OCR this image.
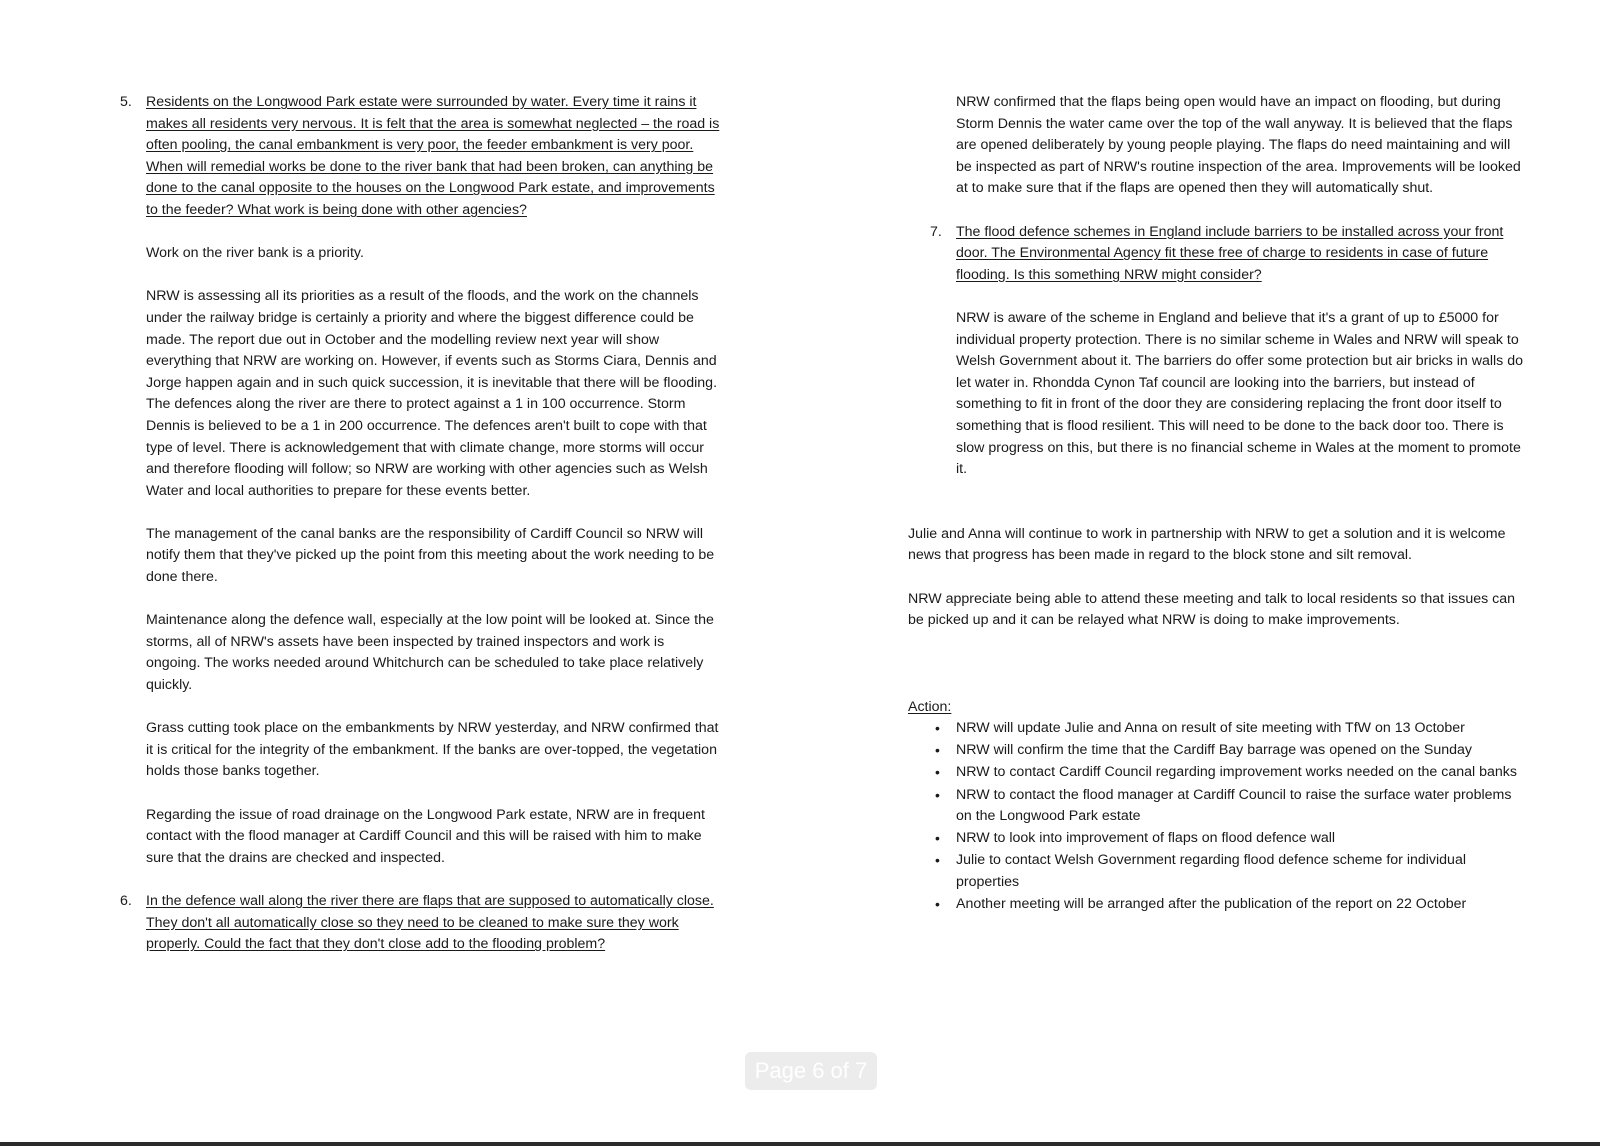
5. Residents on the Longwood Park estate were surrounded by water. Every time it rains it makes all residents very nervous. It is felt that the area is somewhat neglected – the road is often pooling, the canal embankment is very poor, the feeder embankment is very poor. When will remedial works be done to the river bank that had been broken, can anything be done to the canal opposite to the houses on the Longwood Park estate, and improvements to the feeder? What work is being done with other agencies?

Work on the river bank is a priority.

NRW is assessing all its priorities as a result of the floods, and the work on the channels under the railway bridge is certainly a priority and where the biggest difference could be made. The report due out in October and the modelling review next year will show everything that NRW are working on. However, if events such as Storms Ciara, Dennis and Jorge happen again and in such quick succession, it is inevitable that there will be flooding. The defences along the river are there to protect against a 1 in 100 occurrence. Storm Dennis is believed to be a 1 in 200 occurrence. The defences aren't built to cope with that type of level. There is acknowledgement that with climate change, more storms will occur and therefore flooding will follow; so NRW are working with other agencies such as Welsh Water and local authorities to prepare for these events better.

The management of the canal banks are the responsibility of Cardiff Council so NRW will notify them that they've picked up the point from this meeting about the work needing to be done there.

Maintenance along the defence wall, especially at the low point will be looked at. Since the storms, all of NRW's assets have been inspected by trained inspectors and work is ongoing. The works needed around Whitchurch can be scheduled to take place relatively quickly.

Grass cutting took place on the embankments by NRW yesterday, and NRW confirmed that it is critical for the integrity of the embankment. If the banks are over-topped, the vegetation holds those banks together.

Regarding the issue of road drainage on the Longwood Park estate, NRW are in frequent contact with the flood manager at Cardiff Council and this will be raised with him to make sure that the drains are checked and inspected.

6. In the defence wall along the river there are flaps that are supposed to automatically close. They don't all automatically close so they need to be cleaned to make sure they work properly. Could the fact that they don't close add to the flooding problem?

NRW confirmed that the flaps being open would have an impact on flooding, but during Storm Dennis the water came over the top of the wall anyway. It is believed that the flaps are opened deliberately by young people playing. The flaps do need maintaining and will be inspected as part of NRW's routine inspection of the area. Improvements will be looked at to make sure that if the flaps are opened then they will automatically shut.

7. The flood defence schemes in England include barriers to be installed across your front door. The Environmental Agency fit these free of charge to residents in case of future flooding. Is this something NRW might consider?

NRW is aware of the scheme in England and believe that it's a grant of up to £5000 for individual property protection. There is no similar scheme in Wales and NRW will speak to Welsh Government about it. The barriers do offer some protection but air bricks in walls do let water in. Rhondda Cynon Taf council are looking into the barriers, but instead of something to fit in front of the door they are considering replacing the front door itself to something that is flood resilient. This will need to be done to the back door too. There is slow progress on this, but there is no financial scheme in Wales at the moment to promote it.

Julie and Anna will continue to work in partnership with NRW to get a solution and it is welcome news that progress has been made in regard to the block stone and silt removal.

NRW appreciate being able to attend these meeting and talk to local residents so that issues can be picked up and it can be relayed what NRW is doing to make improvements.

Action:

• NRW will update Julie and Anna on result of site meeting with TfW on 13 October
• NRW will confirm the time that the Cardiff Bay barrage was opened on the Sunday
• NRW to contact Cardiff Council regarding improvement works needed on the canal banks
• NRW to contact the flood manager at Cardiff Council to raise the surface water problems on the Longwood Park estate
• NRW to look into improvement of flaps on flood defence wall
• Julie to contact Welsh Government regarding flood defence scheme for individual properties
• Another meeting will be arranged after the publication of the report on 22 October
Page 6 of 7
